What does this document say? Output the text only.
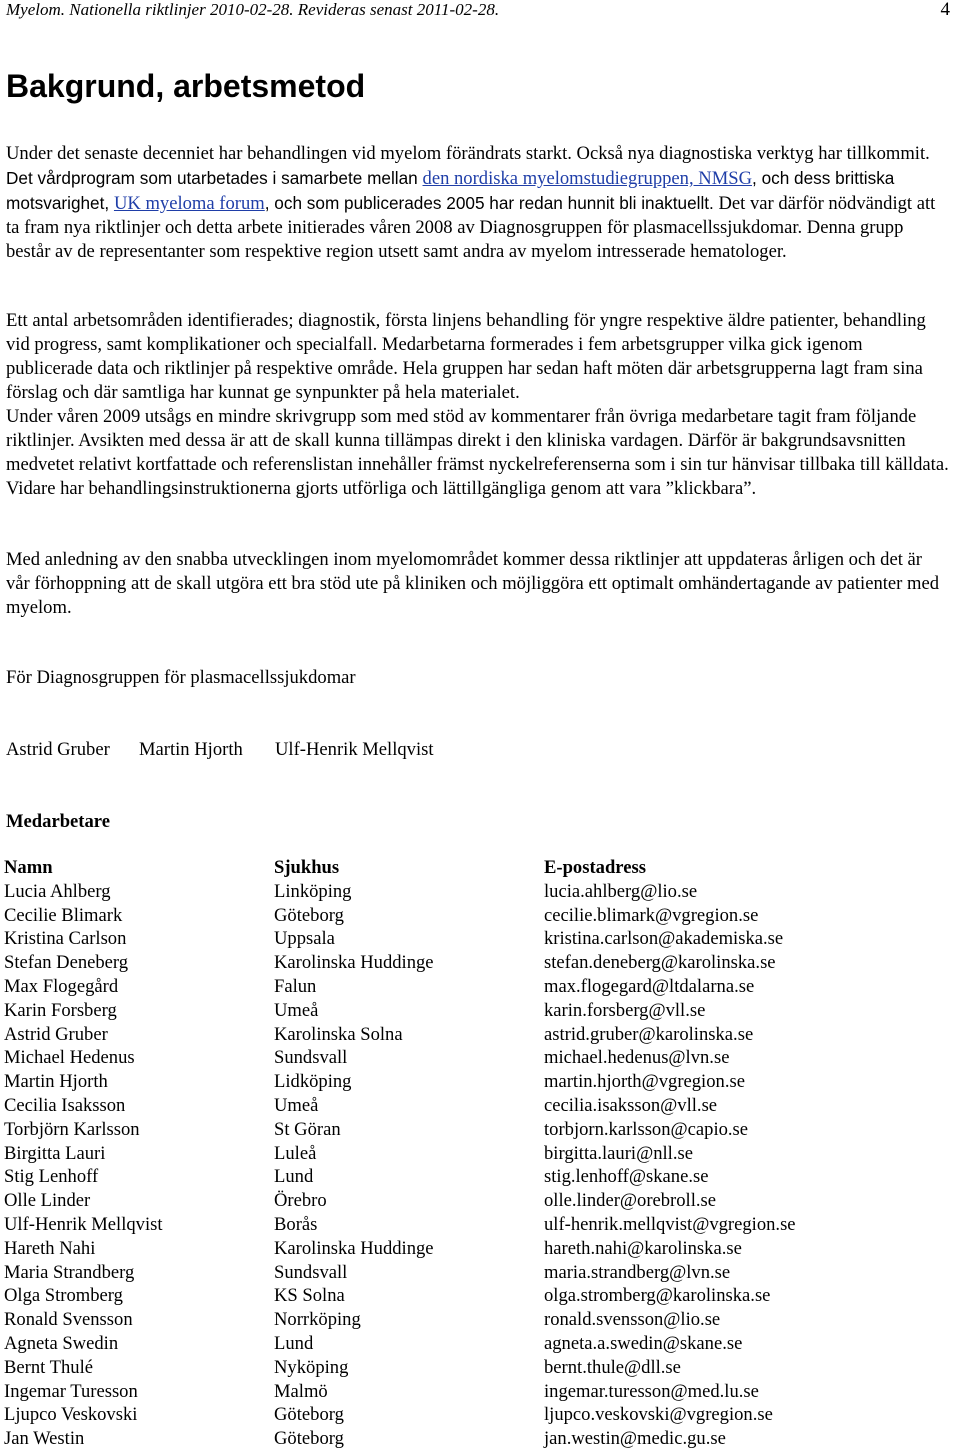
Myelom. Nationella riktlinjer 2010-02-28. Revideras senast 2011-02-28.	4
Bakgrund, arbetsmetod

Under det senaste decenniet har behandlingen vid myelom förändrats starkt. Också nya diagnostiska verktyg har tillkommit. Det vårdprogram som utarbetades i samarbete mellan den nordiska myelomstudiegruppen, NMSG, och dess brittiska motsvarighet, UK myeloma forum, och som publicerades 2005 har redan hunnit bli inaktuellt. Det var därför nödvändigt att ta fram nya riktlinjer och detta arbete initierades våren 2008 av Diagnosgruppen för plasmacellssjukdomar. Denna grupp består av de representanter som respektive region utsett samt andra av myelom intresserade hematologer.

Ett antal arbetsområden identifierades; diagnostik, första linjens behandling för yngre respektive äldre patienter, behandling vid progress, samt komplikationer och specialfall. Medarbetarna formerades i fem arbetsgrupper vilka gick igenom publicerade data och riktlinjer på respektive område. Hela gruppen har sedan haft möten där arbetsgrupperna lagt fram sina förslag och där samtliga har kunnat ge synpunkter på hela materialet.

Under våren 2009 utsågs en mindre skrivgrupp som med stöd av kommentarer från övriga medarbetare tagit fram följande riktlinjer. Avsikten med dessa är att de skall kunna tillämpas direkt i den kliniska vardagen. Därför är bakgrundsavsnitten medvetet relativt kortfattade och referenslistan innehåller främst nyckelreferenserna som i sin tur hänvisar tillbaka till källdata. Vidare har behandlingsinstruktionerna gjorts utförliga och lättillgängliga genom att vara ”klickbara”.

Med anledning av den snabba utvecklingen inom myelomområdet kommer dessa riktlinjer att uppdateras årligen och det är vår förhoppning att de skall utgöra ett bra stöd ute på kliniken och möjliggöra ett optimalt omhändertagande av patienter med myelom.

För Diagnosgruppen för plasmacellssjukdomar

Astrid Gruber Martin Hjorth Ulf-Henrik Mellqvist

Medarbetare

Namn	Sjukhus	E-postadress
Lucia Ahlberg	Linköping	lucia.ahlberg@lio.se
Cecilie Blimark	Göteborg	cecilie.blimark@vgregion.se
Kristina Carlson	Uppsala	kristina.carlson@akademiska.se
Stefan Deneberg	Karolinska Huddinge	stefan.deneberg@karolinska.se
Max Flogegård	Falun	max.flogegard@ltdalarna.se
Karin Forsberg	Umeå	karin.forsberg@vll.se
Astrid Gruber	Karolinska Solna	astrid.gruber@karolinska.se
Michael Hedenus	Sundsvall	michael.hedenus@lvn.se
Martin Hjorth	Lidköping	martin.hjorth@vgregion.se
Cecilia Isaksson	Umeå	cecilia.isaksson@vll.se
Torbjörn Karlsson	St Göran	torbjorn.karlsson@capio.se
Birgitta Lauri	Luleå	birgitta.lauri@nll.se
Stig Lenhoff	Lund	stig.lenhoff@skane.se
Olle Linder	Örebro	olle.linder@orebroll.se
Ulf-Henrik Mellqvist	Borås	ulf-henrik.mellqvist@vgregion.se
Hareth Nahi	Karolinska Huddinge	hareth.nahi@karolinska.se
Maria Strandberg	Sundsvall	maria.strandberg@lvn.se
Olga Stromberg	KS Solna	olga.stromberg@karolinska.se
Ronald Svensson	Norrköping	ronald.svensson@lio.se
Agneta Swedin	Lund	agneta.a.swedin@skane.se
Bernt Thulé	Nyköping	bernt.thule@dll.se
Ingemar Turesson	Malmö	ingemar.turesson@med.lu.se
Ljupco Veskovski	Göteborg	ljupco.veskovski@vgregion.se
Jan Westin	Göteborg	jan.westin@medic.gu.se
